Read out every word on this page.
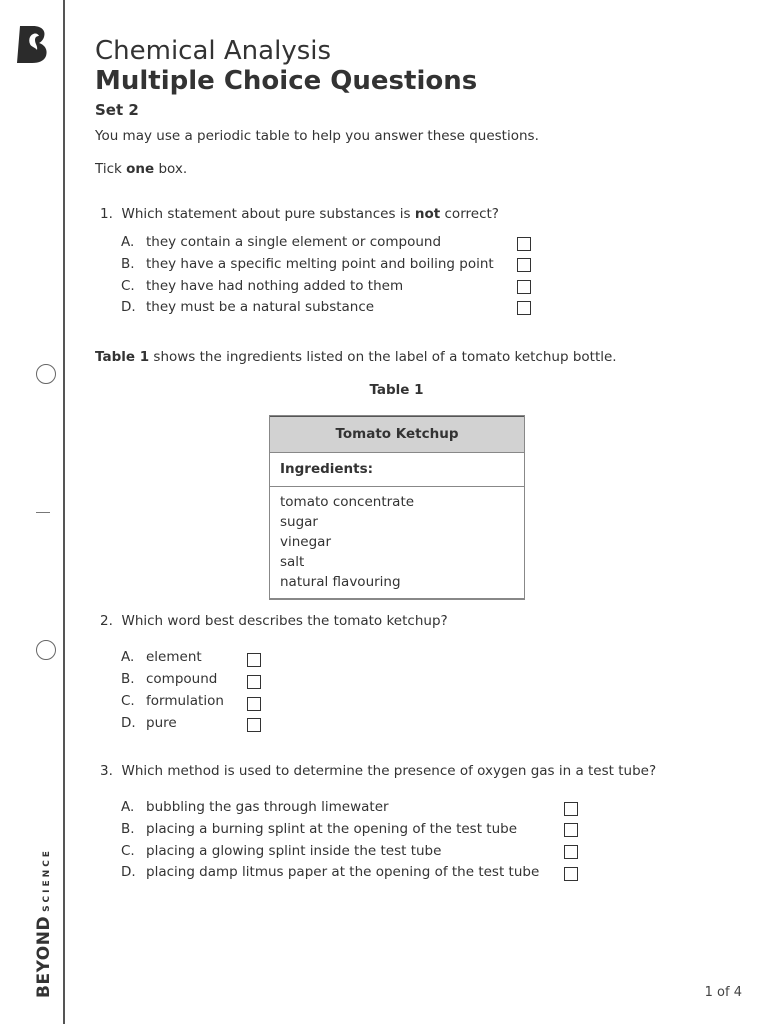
BEYONDSCIENCE
Chemical Analysis
Multiple Choice Questions
Set 2
You may use a periodic table to help you answer these questions.
Tick one box.
1. Which statement about pure substances is not correct?
A. they contain a single element or compound
B. they have a specific melting point and boiling point
C. they have had nothing added to them
D. they must be a natural substance
Table 1 shows the ingredients listed on the label of a tomato ketchup bottle.
Table 1
Tomato Ketchup
Ingredients:
tomato concentrate
sugar
vinegar
salt
natural flavouring
2. Which word best describes the tomato ketchup?
A. element
B. compound
C. formulation
D. pure
3. Which method is used to determine the presence of oxygen gas in a test tube?
A. bubbling the gas through limewater
B. placing a burning splint at the opening of the test tube
C. placing a glowing splint inside the test tube
D. placing damp litmus paper at the opening of the test tube
1 of 4
